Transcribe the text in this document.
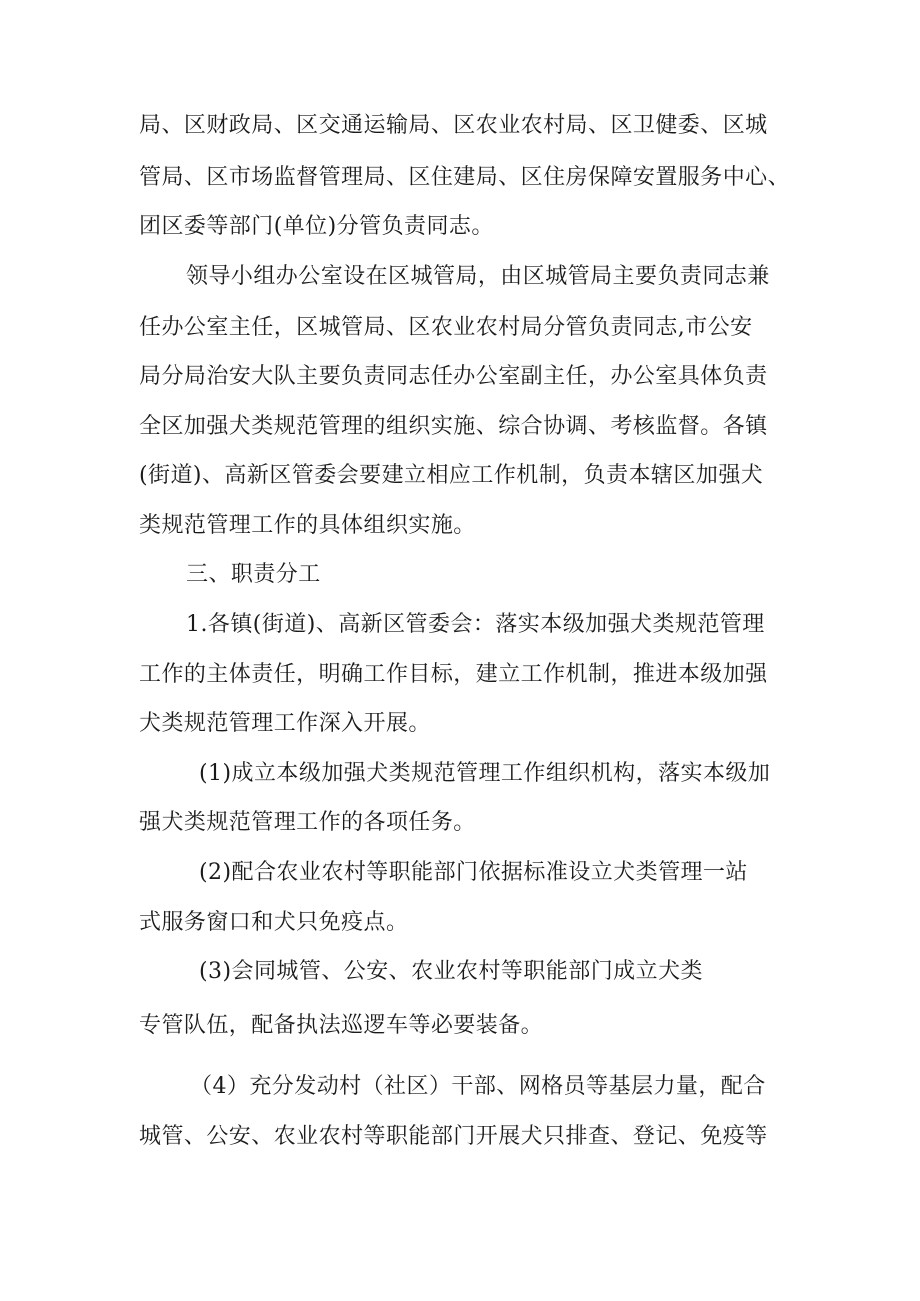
局、区财政局、区交通运输局、区农业农村局、区卫健委、区城
管局、区市场监督管理局、区住建局、区住房保障安置服务中心、
团区委等部门(单位)分管负责同志。
领导小组办公室设在区城管局，由区城管局主要负责同志兼
任办公室主任，区城管局、区农业农村局分管负责同志,市公安
局分局治安大队主要负责同志任办公室副主任，办公室具体负责
全区加强犬类规范管理的组织实施、综合协调、考核监督。各镇
(街道)、高新区管委会要建立相应工作机制，负责本辖区加强犬
类规范管理工作的具体组织实施。
三、职责分工
1.各镇(街道)、高新区管委会：落实本级加强犬类规范管理
工作的主体责任，明确工作目标，建立工作机制，推进本级加强
犬类规范管理工作深入开展。
(1)成立本级加强犬类规范管理工作组织机构，落实本级加
强犬类规范管理工作的各项任务。
(2)配合农业农村等职能部门依据标准设立犬类管理一站
式服务窗口和犬只免疫点。
(3)会同城管、公安、农业农村等职能部门成立犬类
专管队伍，配备执法巡逻车等必要装备。
（4）充分发动村（社区）干部、网格员等基层力量，配合
城管、公安、农业农村等职能部门开展犬只排查、登记、免疫等
